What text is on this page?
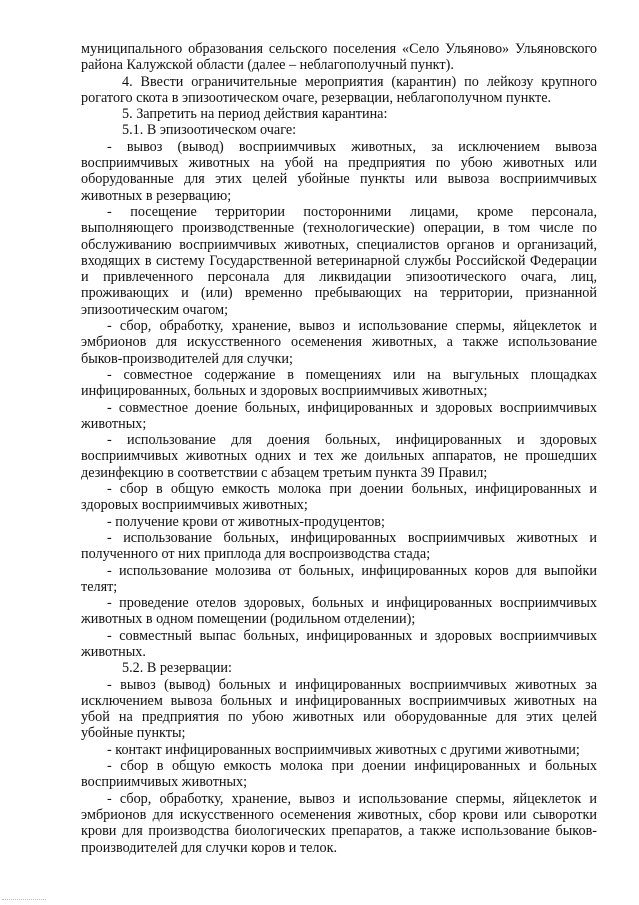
муниципального образования сельского поселения «Село Ульяново» Ульяновского района Калужской области (далее – неблагополучный пункт).

4. Ввести ограничительные мероприятия (карантин) по лейкозу крупного рогатого скота в эпизоотическом очаге, резервации, неблагополучном пункте.

5. Запретить на период действия карантина:

5.1. В эпизоотическом очаге:

- вывоз (вывод) восприимчивых животных, за исключением вывоза восприимчивых животных на убой на предприятия по убою животных или оборудованные для этих целей убойные пункты или вывоза восприимчивых животных в резервацию;

- посещение территории посторонними лицами, кроме персонала, выполняющего производственные (технологические) операции, в том числе по обслуживанию восприимчивых животных, специалистов органов и организаций, входящих в систему Государственной ветеринарной службы Российской Федерации и привлеченного персонала для ликвидации эпизоотического очага, лиц, проживающих и (или) временно пребывающих на территории, признанной эпизоотическим очагом;

- сбор, обработку, хранение, вывоз и использование спермы, яйцеклеток и эмбрионов для искусственного осеменения животных, а также использование быков-производителей для случки;

- совместное содержание в помещениях или на выгульных площадках инфицированных, больных и здоровых восприимчивых животных;

- совместное доение больных, инфицированных и здоровых восприимчивых животных;

- использование для доения больных, инфицированных и здоровых восприимчивых животных одних и тех же доильных аппаратов, не прошедших дезинфекцию в соответствии с абзацем третьим пункта 39 Правил;

- сбор в общую емкость молока при доении больных, инфицированных и здоровых восприимчивых животных;

- получение крови от животных-продуцентов;

- использование больных, инфицированных восприимчивых животных и полученного от них приплода для воспроизводства стада;

- использование молозива от больных, инфицированных коров для выпойки телят;

- проведение отелов здоровых, больных и инфицированных восприимчивых животных в одном помещении (родильном отделении);

- совместный выпас больных, инфицированных и здоровых восприимчивых животных.

5.2. В резервации:

- вывоз (вывод) больных и инфицированных восприимчивых животных за исключением вывоза больных и инфицированных восприимчивых животных на убой на предприятия по убою животных или оборудованные для этих целей убойные пункты;

- контакт инфицированных восприимчивых животных с другими животными;

- сбор в общую емкость молока при доении инфицированных и больных восприимчивых животных;

- сбор, обработку, хранение, вывоз и использование спермы, яйцеклеток и эмбрионов для искусственного осеменения животных, сбор крови или сыворотки крови для производства биологических препаратов, а также использование быков-производителей для случки коров и телок.
